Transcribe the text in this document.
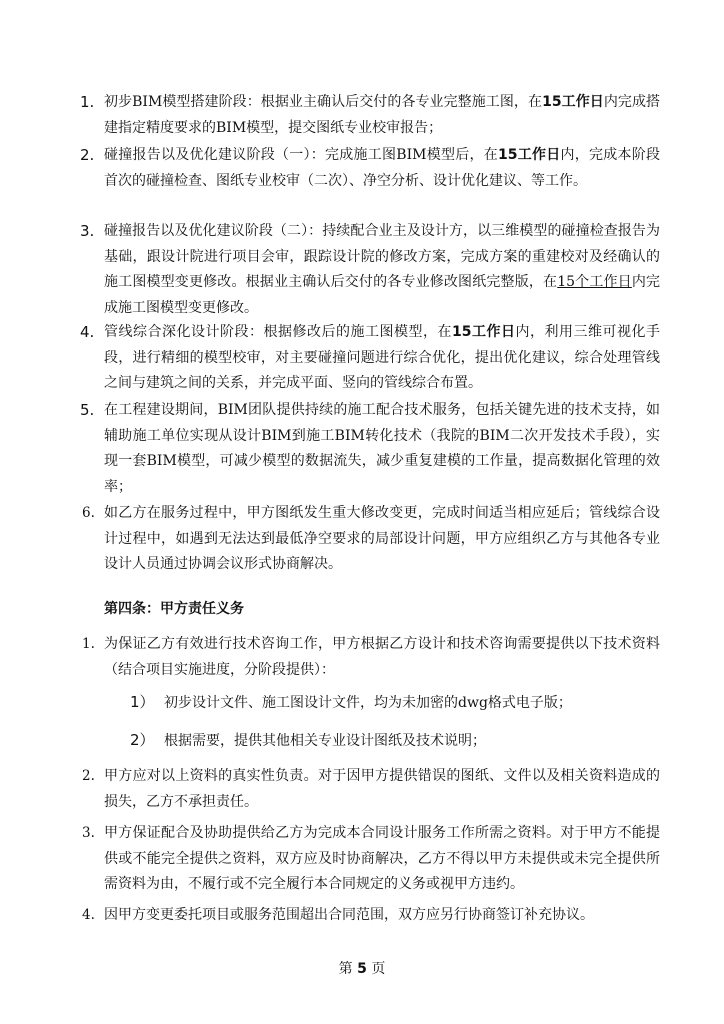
1. 初步BIM模型搭建阶段：根据业主确认后交付的各专业完整施工图，在15工作日内完成搭建指定精度要求的BIM模型，提交图纸专业校审报告；
2. 碰撞报告以及优化建议阶段（一）：完成施工图BIM模型后，在15工作日内，完成本阶段首次的碰撞检查、图纸专业校审（二次）、净空分析、设计优化建议、等工作。
3. 碰撞报告以及优化建议阶段（二）：持续配合业主及设计方，以三维模型的碰撞检查报告为基础，跟设计院进行项目会审，跟踪设计院的修改方案，完成方案的重建校对及经确认的施工图模型变更修改。根据业主确认后交付的各专业修改图纸完整版，在15个工作日内完成施工图模型变更修改。
4. 管线综合深化设计阶段：根据修改后的施工图模型，在15工作日内，利用三维可视化手段，进行精细的模型校审，对主要碰撞问题进行综合优化，提出优化建议，综合处理管线之间与建筑之间的关系，并完成平面、竖向的管线综合布置。
5. 在工程建设期间，BIM团队提供持续的施工配合技术服务，包括关键先进的技术支持，如辅助施工单位实现从设计BIM到施工BIM转化技术（我院的BIM二次开发技术手段），实现一套BIM模型，可减少模型的数据流失，减少重复建模的工作量，提高数据化管理的效率；
6. 如乙方在服务过程中，甲方图纸发生重大修改变更，完成时间适当相应延后；管线综合设计过程中，如遇到无法达到最低净空要求的局部设计问题，甲方应组织乙方与其他各专业设计人员通过协调会议形式协商解决。
第四条：甲方责任义务
1. 为保证乙方有效进行技术咨询工作，甲方根据乙方设计和技术咨询需要提供以下技术资料（结合项目实施进度，分阶段提供）：
1） 初步设计文件、施工图设计文件，均为未加密的dwg格式电子版；
2） 根据需要，提供其他相关专业设计图纸及技术说明；
2. 甲方应对以上资料的真实性负责。对于因甲方提供错误的图纸、文件以及相关资料造成的损失，乙方不承担责任。
3. 甲方保证配合及协助提供给乙方为完成本合同设计服务工作所需之资料。对于甲方不能提供或不能完全提供之资料，双方应及时协商解决，乙方不得以甲方未提供或未完全提供所需资料为由，不履行或不完全履行本合同规定的义务或视甲方违约。
4. 因甲方变更委托项目或服务范围超出合同范围，双方应另行协商签订补充协议。
第 5 页
